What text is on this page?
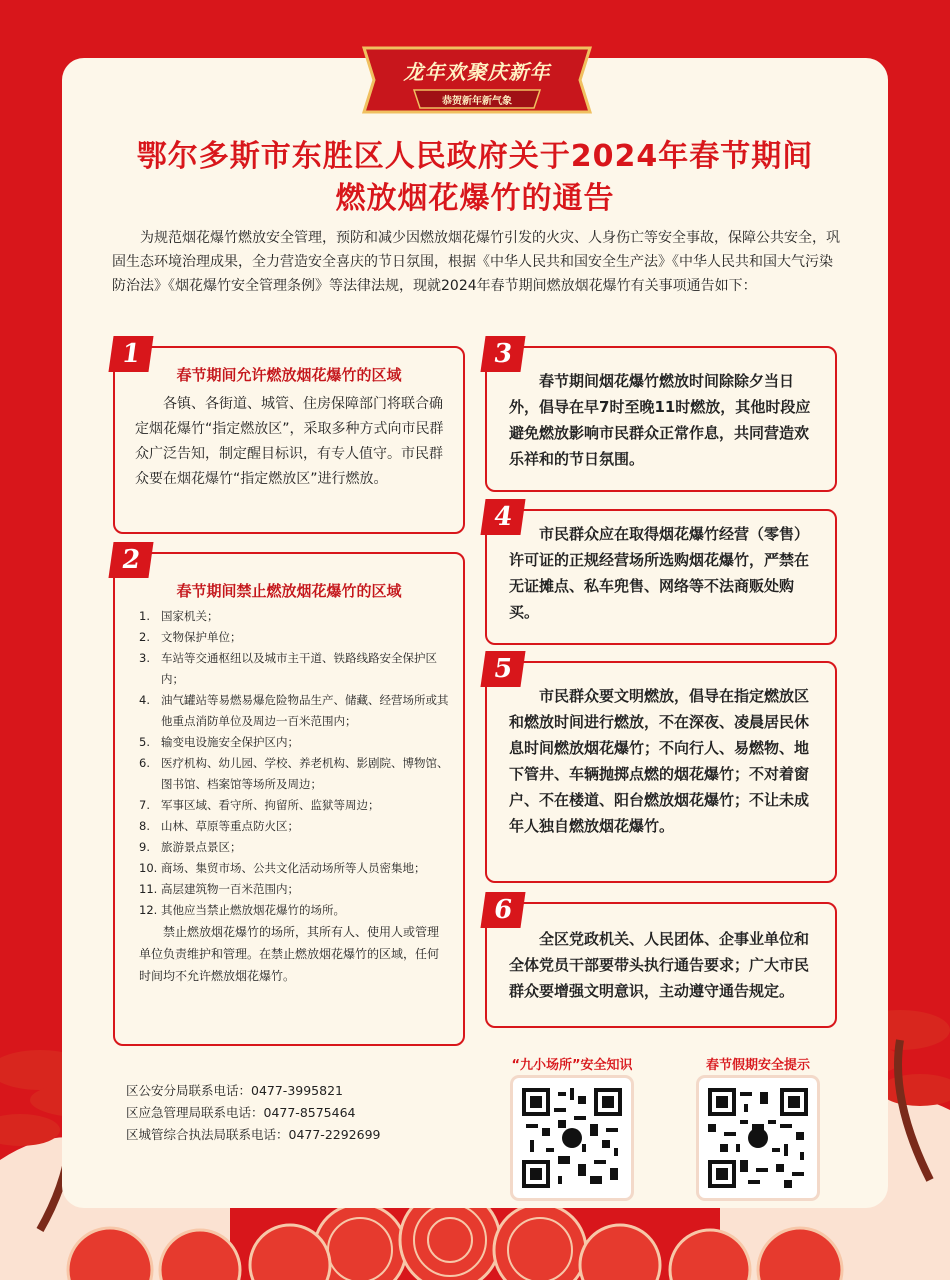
龙年欢聚庆新年
恭贺新年新气象
鄂尔多斯市东胜区人民政府关于2024年春节期间
燃放烟花爆竹的通告

为规范烟花爆竹燃放安全管理，预防和减少因燃放烟花爆竹引发的火灾、人身伤亡等安全事故，保障公共安全，巩固生态环境治理成果，全力营造安全喜庆的节日氛围，根据《中华人民共和国安全生产法》《中华人民共和国大气污染防治法》《烟花爆竹安全管理条例》等法律法规，现就2024年春节期间燃放烟花爆竹有关事项通告如下：

1
春节期间允许燃放烟花爆竹的区域

各镇、各街道、城管、住房保障部门将联合确定烟花爆竹“指定燃放区”，采取多种方式向市民群众广泛告知，制定醒目标识，有专人值守。市民群众要在烟花爆竹“指定燃放区”进行燃放。

2
春节期间禁止燃放烟花爆竹的区域
1. 国家机关；
2. 文物保护单位；
3. 车站等交通枢纽以及城市主干道、铁路线路安全保护区内；
4. 油气罐站等易燃易爆危险物品生产、储藏、经营场所或其他重点消防单位及周边一百米范围内；
5. 输变电设施安全保护区内；
6. 医疗机构、幼儿园、学校、养老机构、影剧院、博物馆、图书馆、档案馆等场所及周边；
7. 军事区域、看守所、拘留所、监狱等周边；
8. 山林、草原等重点防火区；
9. 旅游景点景区；
10. 商场、集贸市场、公共文化活动场所等人员密集地；
11. 高层建筑物一百米范围内；
12. 其他应当禁止燃放烟花爆竹的场所。

禁止燃放烟花爆竹的场所，其所有人、使用人或管理单位负责维护和管理。在禁止燃放烟花爆竹的区域，任何时间均不允许燃放烟花爆竹。

3

春节期间烟花爆竹燃放时间除除夕当日外，倡导在早7时至晚11时燃放，其他时段应避免燃放影响市民群众正常作息，共同营造欢乐祥和的节日氛围。

4

市民群众应在取得烟花爆竹经营（零售）许可证的正规经营场所选购烟花爆竹，严禁在无证摊点、私车兜售、网络等不法商贩处购买。

5

市民群众要文明燃放，倡导在指定燃放区和燃放时间进行燃放，不在深夜、凌晨居民休息时间燃放烟花爆竹；不向行人、易燃物、地下管井、车辆抛掷点燃的烟花爆竹；不对着窗户、不在楼道、阳台燃放烟花爆竹；不让未成年人独自燃放烟花爆竹。

6

全区党政机关、人民团体、企事业单位和全体党员干部要带头执行通告要求；广大市民群众要增强文明意识，主动遵守通告规定。

区公安分局联系电话：0477-3995821
区应急管理局联系电话：0477-8575464
区城管综合执法局联系电话：0477-2292699
“九小场所”安全知识	春节假期安全提示
